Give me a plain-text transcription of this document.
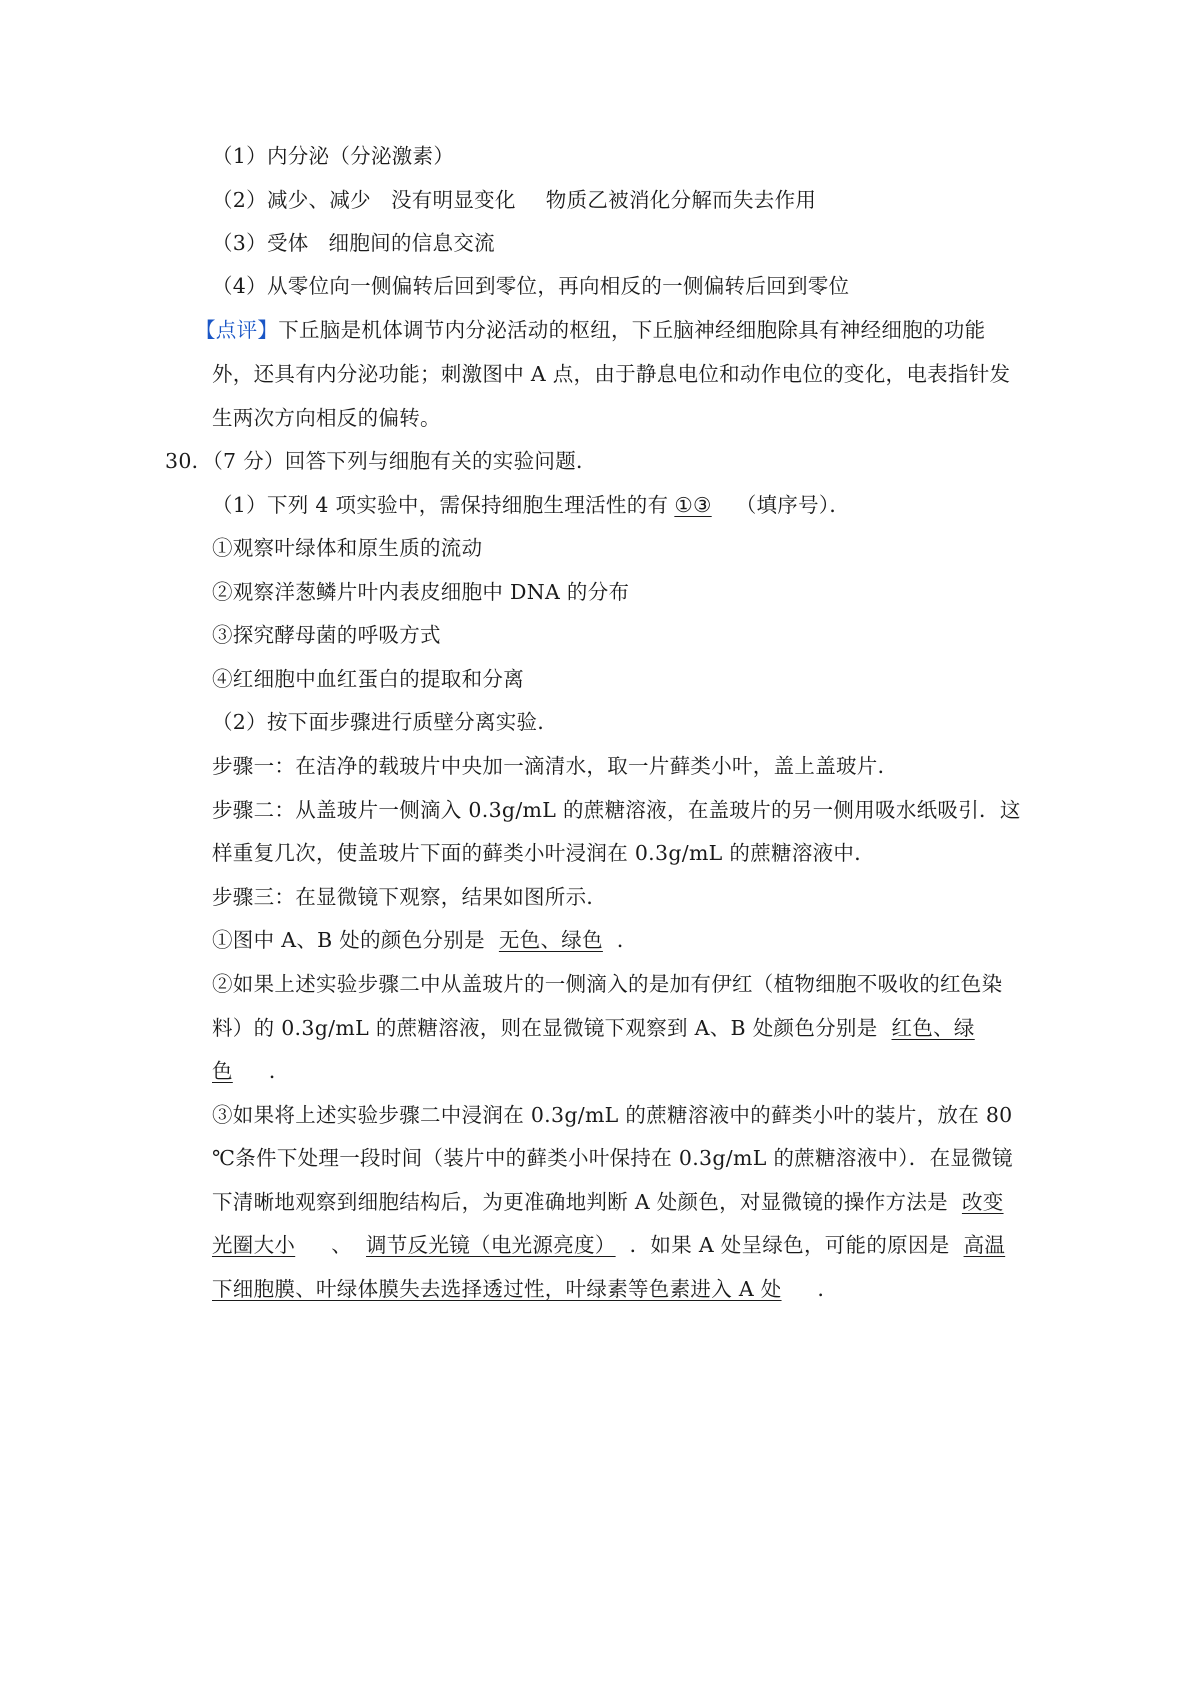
（1）内分泌（分泌激素）
（2）减少、减少 没有明显变化 物质乙被消化分解而失去作用
（3）受体 细胞间的信息交流
（4）从零位向一侧偏转后回到零位，再向相反的一侧偏转后回到零位
【点评】下丘脑是机体调节内分泌活动的枢纽，下丘脑神经细胞除具有神经细胞的功能
外，还具有内分泌功能；刺激图中 A 点，由于静息电位和动作电位的变化，电表指针发
生两次方向相反的偏转。
30．（7 分）回答下列与细胞有关的实验问题．
（1）下列 4 项实验中，需保持细胞生理活性的有 ①③ （填序号）．
①观察叶绿体和原生质的流动
②观察洋葱鳞片叶内表皮细胞中 DNA 的分布
③探究酵母菌的呼吸方式
④红细胞中血红蛋白的提取和分离
（2）按下面步骤进行质壁分离实验．
步骤一：在洁净的载玻片中央加一滴清水，取一片藓类小叶，盖上盖玻片．
步骤二：从盖玻片一侧滴入 0.3g/mL 的蔗糖溶液，在盖玻片的另一侧用吸水纸吸引．这
样重复几次，使盖玻片下面的藓类小叶浸润在 0.3g/mL 的蔗糖溶液中．
步骤三：在显微镜下观察，结果如图所示．
①图中 A、B 处的颜色分别是 无色、绿色 ．
②如果上述实验步骤二中从盖玻片的一侧滴入的是加有伊红（植物细胞不吸收的红色染
料）的 0.3g/mL 的蔗糖溶液，则在显微镜下观察到 A、B 处颜色分别是 红色、绿
色 ．
③如果将上述实验步骤二中浸润在 0.3g/mL 的蔗糖溶液中的藓类小叶的装片，放在 80
℃条件下处理一段时间（装片中的藓类小叶保持在 0.3g/mL 的蔗糖溶液中）．在显微镜
下清晰地观察到细胞结构后，为更准确地判断 A 处颜色，对显微镜的操作方法是 改变
光圈大小 、 调节反光镜（电光源亮度） ．如果 A 处呈绿色，可能的原因是 高温
下细胞膜、叶绿体膜失去选择透过性，叶绿素等色素进入 A 处 ．
